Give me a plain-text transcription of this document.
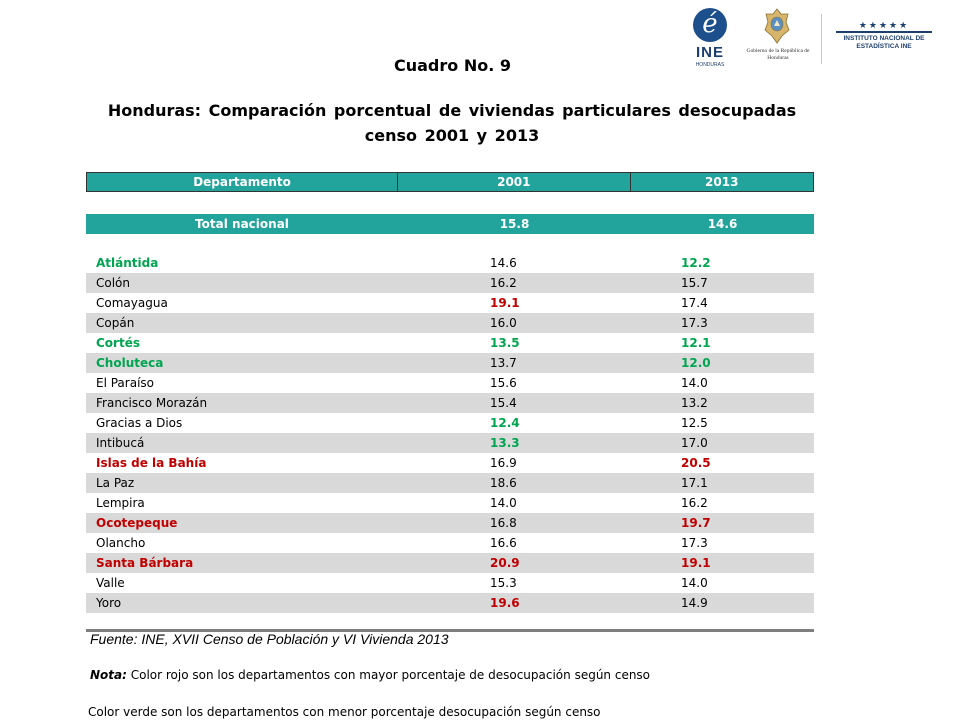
é
INE
HONDURAS
Gobierno de la República de Honduras
★★★★★
INSTITUTO NACIONAL DE ESTADÍSTICA INE
Cuadro No. 9
Honduras: Comparación porcentual de viviendas particulares desocupadas censo 2001 y 2013
Departamento	2001	2013
Total nacional	15.8	14.6
Atlántida	14.6	12.2
Colón	16.2	15.7
Comayagua	19.1	17.4
Copán	16.0	17.3
Cortés	13.5	12.1
Choluteca	13.7	12.0
El Paraíso	15.6	14.0
Francisco Morazán	15.4	13.2
Gracias a Dios	12.4	12.5
Intibucá	13.3	17.0
Islas de la Bahía	16.9	20.5
La Paz	18.6	17.1
Lempira	14.0	16.2
Ocotepeque	16.8	19.7
Olancho	16.6	17.3
Santa Bárbara	20.9	19.1
Valle	15.3	14.0
Yoro	19.6	14.9
Fuente: INE, XVII Censo de Población y VI Vivienda 2013
Nota: Color rojo son los departamentos con mayor porcentaje de desocupación según censo
Color verde son los departamentos con menor porcentaje desocupación según censo
